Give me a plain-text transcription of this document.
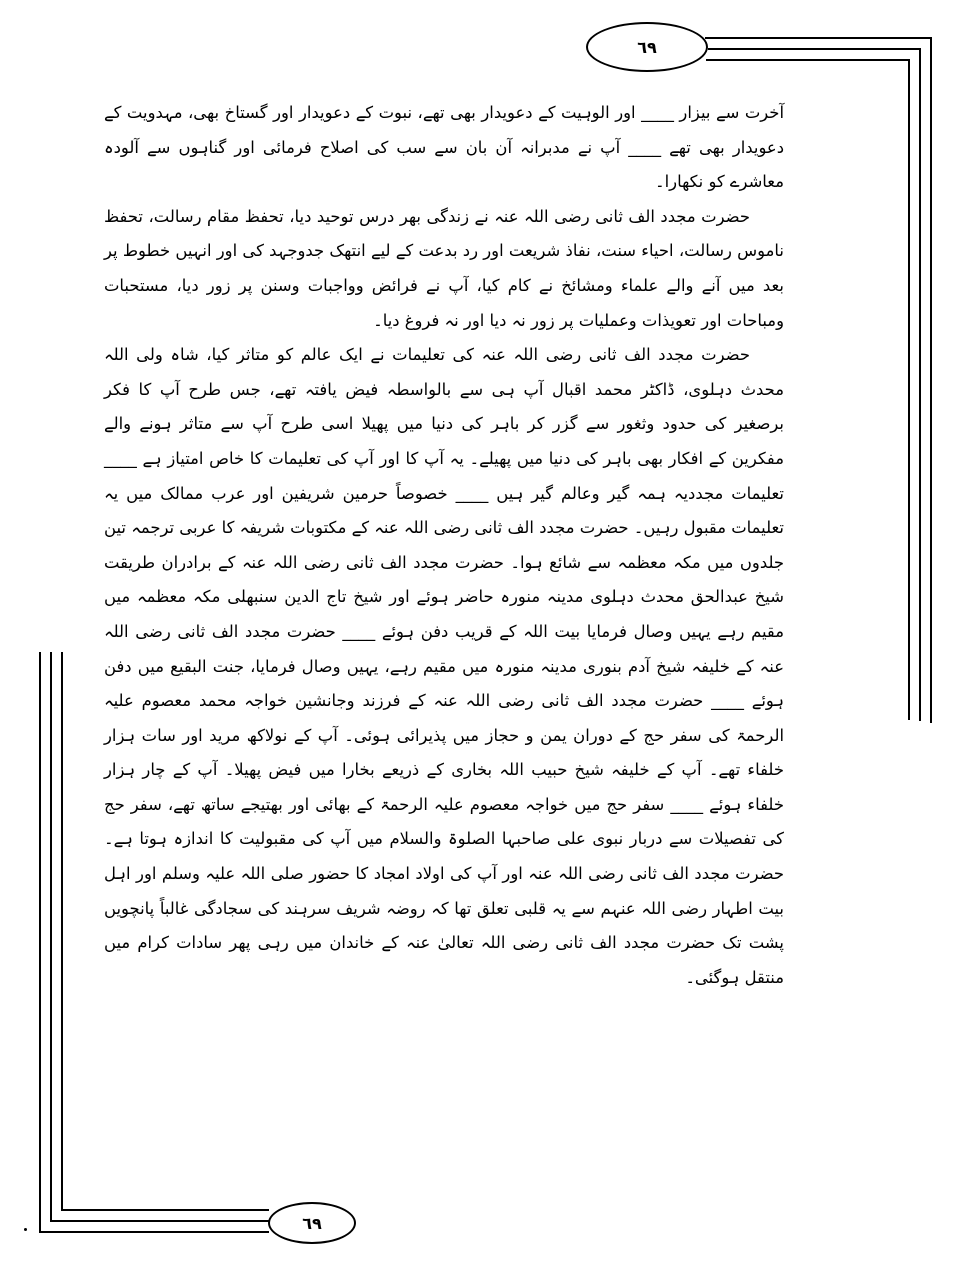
٦٩
٦٩

آخرت سے بیزار ____ اور الوہیت کے دعویدار بھی تھے، نبوت کے دعویدار اور گستاخ بھی، مہدویت کے دعویدار بھی تھے ____ آپ نے مدبرانہ آن بان سے سب کی اصلاح فرمائی اور گناہوں سے آلودہ معاشرے کو نکھارا۔

حضرت مجدد الف ثانی رضی اللہ عنہ نے زندگی بھر درس توحید دیا، تحفظ مقام رسالت، تحفظ ناموس رسالت، احیاء سنت، نفاذ شریعت اور رد بدعت کے لیے انتھک جدوجہد کی اور انہیں خطوط پر بعد میں آنے والے علماء ومشائخ نے کام کیا، آپ نے فرائض وواجبات وسنن پر زور دیا، مستحبات ومباحات اور تعویذات وعملیات پر زور نہ دیا اور نہ فروغ دیا۔

حضرت مجدد الف ثانی رضی اللہ عنہ کی تعلیمات نے ایک عالم کو متاثر کیا، شاہ ولی اللہ محدث دہلوی، ڈاکٹر محمد اقبال آپ ہی سے بالواسطہ فیض یافتہ تھے، جس طرح آپ کا فکر برصغیر کی حدود وثغور سے گزر کر باہر کی دنیا میں پھیلا اسی طرح آپ سے متاثر ہونے والے مفکرین کے افکار بھی باہر کی دنیا میں پھیلے۔ یہ آپ کا اور آپ کی تعلیمات کا خاص امتیاز ہے ____ تعلیمات مجددیہ ہمہ گیر وعالم گیر ہیں ____ خصوصاً حرمین شریفین اور عرب ممالک میں یہ تعلیمات مقبول رہیں۔ حضرت مجدد الف ثانی رضی اللہ عنہ کے مکتوبات شریفہ کا عربی ترجمہ تین جلدوں میں مکہ معظمہ سے شائع ہوا۔ حضرت مجدد الف ثانی رضی اللہ عنہ کے برادران طریقت شیخ عبدالحق محدث دہلوی مدینہ منورہ حاضر ہوئے اور شیخ تاج الدین سنبھلی مکہ معظمہ میں مقیم رہے یہیں وصال فرمایا بیت اللہ کے قریب دفن ہوئے ____ حضرت مجدد الف ثانی رضی اللہ عنہ کے خلیفہ شیخ آدم بنوری مدینہ منورہ میں مقیم رہے، یہیں وصال فرمایا، جنت البقیع میں دفن ہوئے ____ حضرت مجدد الف ثانی رضی اللہ عنہ کے فرزند وجانشین خواجہ محمد معصوم علیہ الرحمۃ کی سفر حج کے دوران یمن و حجاز میں پذیرائی ہوئی۔ آپ کے نولاکھ مرید اور سات ہزار خلفاء تھے۔ آپ کے خلیفہ شیخ حبیب اللہ بخاری کے ذریعے بخارا میں فیض پھیلا۔ آپ کے چار ہزار خلفاء ہوئے ____ سفر حج میں خواجہ معصوم علیہ الرحمۃ کے بھائی اور بھتیجے ساتھ تھے، سفر حج کی تفصیلات سے دربار نبوی علی صاحبہا الصلوۃ والسلام میں آپ کی مقبولیت کا اندازہ ہوتا ہے۔ حضرت مجدد الف ثانی رضی اللہ عنہ اور آپ کی اولاد امجاد کا حضور صلی اللہ علیہ وسلم اور اہل بیت اطہار رضی اللہ عنہم سے یہ قلبی تعلق تھا کہ روضہ شریف سرہند کی سجادگی غالباً پانچویں پشت تک حضرت مجدد الف ثانی رضی اللہ تعالیٰ عنہ کے خاندان میں رہی پھر سادات کرام میں منتقل ہوگئی۔
